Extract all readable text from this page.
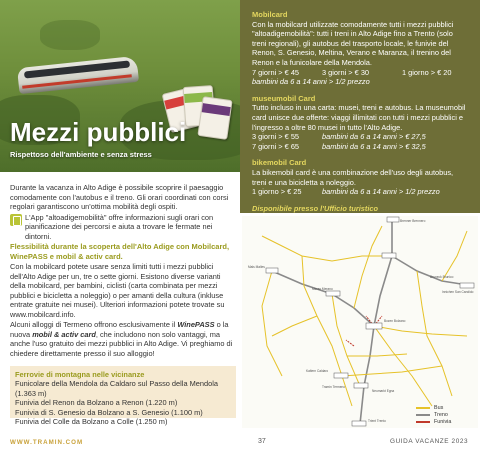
Mezzi pubblici
Rispettoso dell'ambiente e senza stress

Durante la vacanza in Alto Adige è possibile scoprire il paesaggio comodamente con l'autobus e il treno. Gli orari coordinati con corsi regolari garantiscono un'ottima mobilità degli ospiti.

L'App "altoadigemobilità" offre informazioni sugli orari con pianificazione dei percorsi e aiuta a trovare le fermate nei dintorni.
Flessibilità durante la scoperta dell'Alto Adige con Mobilcard, WinePASS e mobil & activ card.
Con la mobilcard potete usare senza limiti tutti i mezzi pubblici dell'Alto Adige per un, tre o sette giorni. Esistono diverse varianti della mobilcard, per bambini, ciclisti (carta combinata per mezzi pubblici e bicicletta a noleggio) o per amanti della cultura (inkluse entrate gratuite nei musei). Ulteriori informazioni potete trovate su www.mobilcard.info.
Alcuni alloggi di Termeno offrono esclusivamente il WinePASS o la nuova mobil & activ card, che includono non solo vantaggi, ma anche l'uso gratuito dei mezzi pubblici in Alto Adige. Vi preghiamo di chiedere direttamente presso il suo alloggio!
Ferrovie di montagna nelle vicinanze
Funicolare della Mendola da Caldaro sul Passo della Mendola (1.363 m)
Funivia del Renon da Bolzano a Renon (1.220 m)
Funivia di S. Genesio da Bolzano a S. Genesio (1.100 m)
Funivia del Colle da Bolzano a Colle (1.250 m)
WWW.TRAMIN.COM
Mobilcard
Con la mobilcard utilizzate comodamente tutti i mezzi pubblici "altoadigemobilità": tutti i treni in Alto Adige fino a Trento (solo treni regionali), gli autobus del trasporto locale, le funivie del Renon, S. Genesio, Meltina, Verano e Maranza, il trenino del Renon e la funicolare della Mendola.
7 giorni > € 45	3 giorni > € 30	1 giorno > € 20
bambini da 6 a 14 anni > 1/2 prezzo
museumobil Card
Tutto incluso in una carta: musei, treni e autobus. La museumobil card unisce due offerte: viaggi illimitati con tutti i mezzi pubblici e l'ingresso a oltre 80 musei in tutto l'Alto Adige.
3 giorni > € 55	bambini da 6 a 14 anni > € 27,5
7 giorni > € 65	bambini da 6 a 14 anni > € 32,5
bikemobil Card
La bikemobil card è una combinazione dell'uso degli autobus, treni e una bicicletta a noleggio.
1 giorno > € 25	bambini da 6 a 14 anni > 1/2 prezzo
Disponibile presso l'Ufficio turistico
Brenner Brennero
Bruneck Brunico
Meran Merano
Bozen Bolzano
Trient Trento
Mals Malles
Innichen San Candido
Kaltern Caldaro
Tramin Termeno
Neumarkt Egna
Bus
Treno
Funivia
37	GUIDA VACANZE 2023
